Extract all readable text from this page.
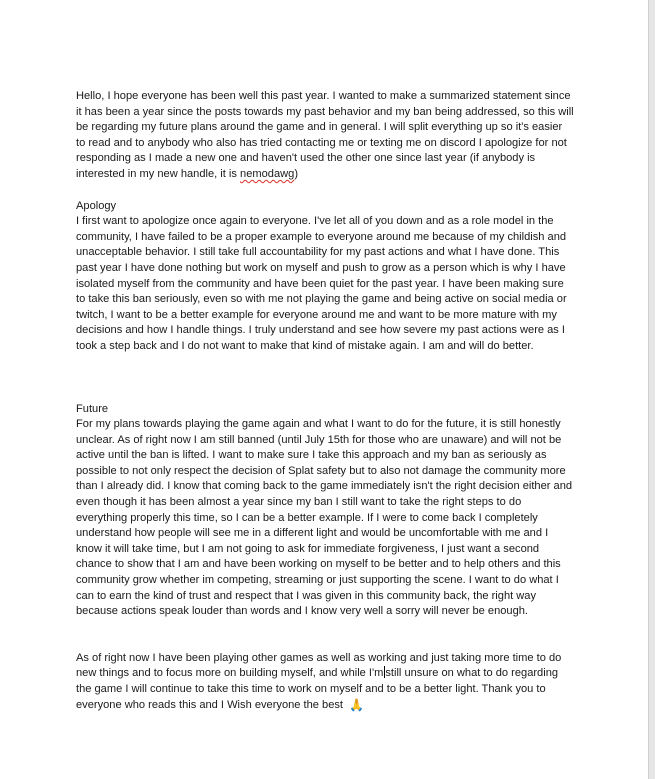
Hello, I hope everyone has been well this past year. I wanted to make a summarized statement since it has been a year since the posts towards my past behavior and my ban being addressed, so this will be regarding my future plans around the game and in general. I will split everything up so it's easier to read and to anybody who also has tried contacting me or texting me on discord I apologize for not responding as I made a new one and haven't used the other one since last year (if anybody is interested in my new handle, it is nemodawg)

Apology

I first want to apologize once again to everyone. I've let all of you down and as a role model in the community, I have failed to be a proper example to everyone around me because of my childish and unacceptable behavior. I still take full accountability for my past actions and what I have done. This past year I have done nothing but work on myself and push to grow as a person which is why I have isolated myself from the community and have been quiet for the past year. I have been making sure to take this ban seriously, even so with me not playing the game and being active on social media or twitch, I want to be a better example for everyone around me and want to be more mature with my decisions and how I handle things. I truly understand and see how severe my past actions were as I took a step back and I do not want to make that kind of mistake again. I am and will do better.

Future

For my plans towards playing the game again and what I want to do for the future, it is still honestly unclear. As of right now I am still banned (until July 15th for those who are unaware) and will not be active until the ban is lifted. I want to make sure I take this approach and my ban as seriously as possible to not only respect the decision of Splat safety but to also not damage the community more than I already did. I know that coming back to the game immediately isn't the right decision either and even though it has been almost a year since my ban I still want to take the right steps to do everything properly this time, so I can be a better example. If I were to come back I completely understand how people will see me in a different light and would be uncomfortable with me and I know it will take time, but I am not going to ask for immediate forgiveness, I just want a second chance to show that I am and have been working on myself to be better and to help others and this community grow whether im competing, streaming or just supporting the scene. I want to do what I can to earn the kind of trust and respect that I was given in this community back, the right way because actions speak louder than words and I know very well a sorry will never be enough.

As of right now I have been playing other games as well as working and just taking more time to do new things and to focus more on building myself, and while I'm still unsure on what to do regarding the game I will continue to take this time to work on myself and to be a better light. Thank you to everyone who reads this and I Wish everyone the best 🙏
